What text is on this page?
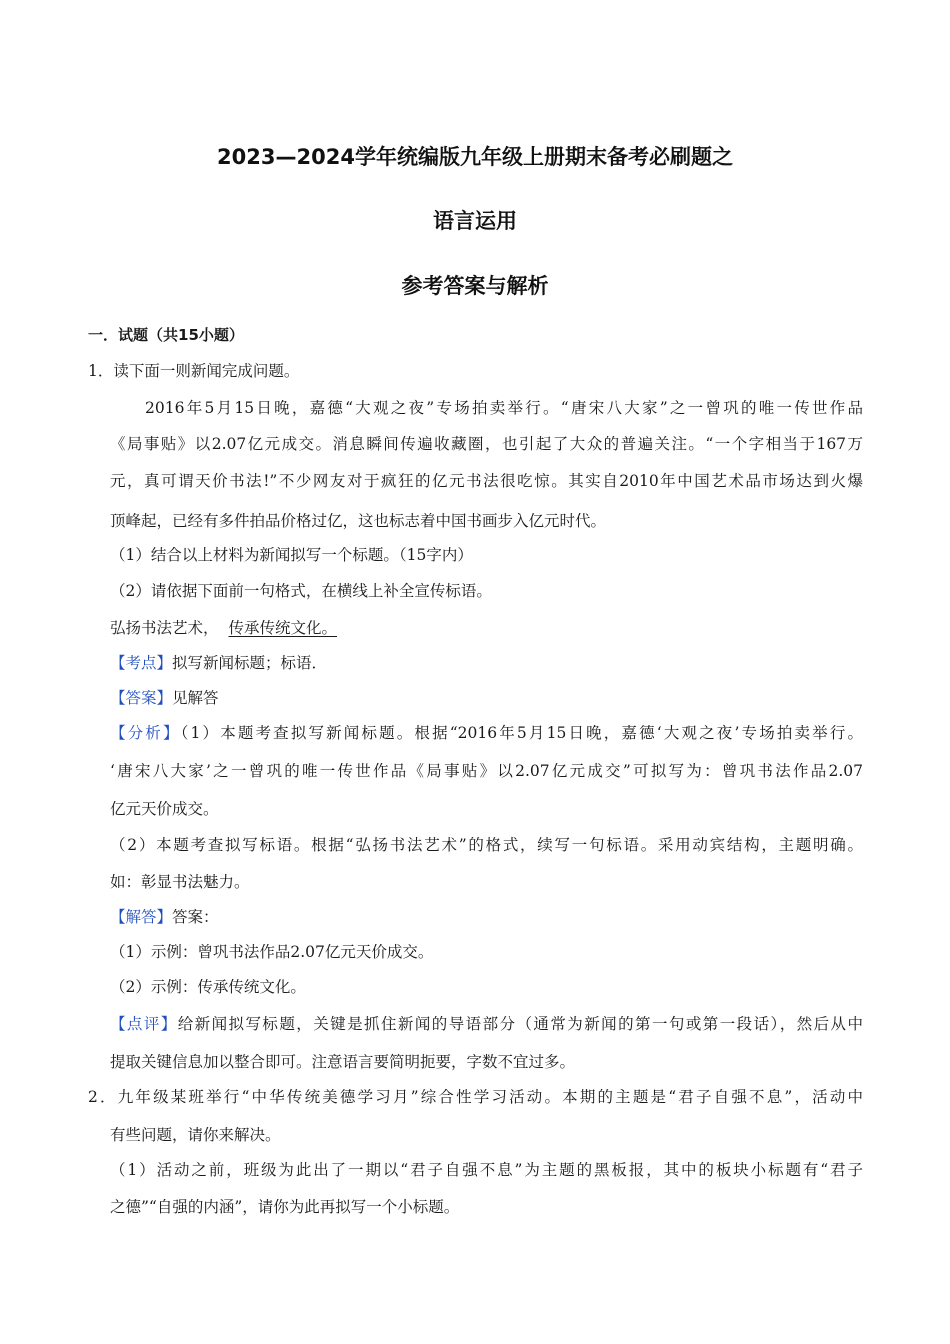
2023—2024学年统编版九年级上册期末备考必刷题之
语言运用
参考答案与解析
一．试题（共15小题）
1．读下面一则新闻完成问题。
2016年5月15日晚，嘉德“大观之夜”专场拍卖举行。“唐宋八大家”之一曾巩的唯一传世作品
《局事贴》以2.07亿元成交。消息瞬间传遍收藏圈，也引起了大众的普遍关注。“一个字相当于167万
元，真可谓天价书法!”不少网友对于疯狂的亿元书法很吃惊。其实自2010年中国艺术品市场达到火爆
顶峰起，已经有多件拍品价格过亿，这也标志着中国书画步入亿元时代。
（1）结合以上材料为新闻拟写一个标题。（15字内）
（2）请依据下面前一句格式，在横线上补全宣传标语。
弘扬书法艺术， 传承传统文化。
【考点】拟写新闻标题；标语．
【答案】见解答
【分析】（1）本题考查拟写新闻标题。根据“2016年5月15日晚，嘉德‘大观之夜’专场拍卖举行。
‘唐宋八大家’之一曾巩的唯一传世作品《局事贴》以2.07亿元成交”可拟写为：曾巩书法作品2.07
亿元天价成交。
（2）本题考查拟写标语。根据“弘扬书法艺术”的格式，续写一句标语。采用动宾结构，主题明确。
如：彰显书法魅力。
【解答】答案：
（1）示例：曾巩书法作品2.07亿元天价成交。
（2）示例：传承传统文化。
【点评】给新闻拟写标题，关键是抓住新闻的导语部分（通常为新闻的第一句或第一段话），然后从中
提取关键信息加以整合即可。注意语言要简明扼要，字数不宜过多。
2．九年级某班举行“中华传统美德学习月”综合性学习活动。本期的主题是“君子自强不息”，活动中
有些问题，请你来解决。
（1）活动之前，班级为此出了一期以“君子自强不息”为主题的黑板报，其中的板块小标题有“君子
之德”“自强的内涵”，请你为此再拟写一个小标题。
